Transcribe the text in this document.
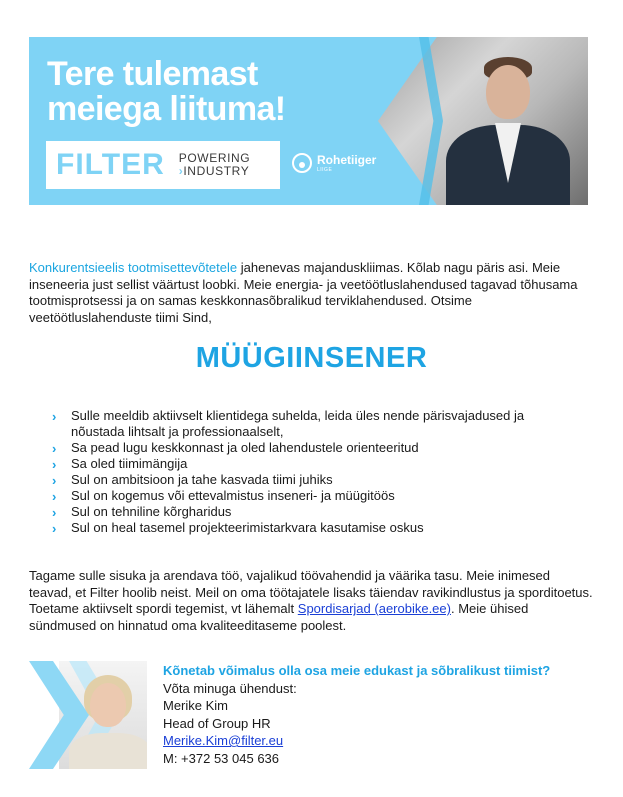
Tere tulemast
meiega liituma!
FILTER POWERING
›INDUSTRY
Rohetiiger
LIIGE

Konkurentsieelis tootmisettevõtetele jahenevas majanduskliimas. Kõlab nagu päris asi. Meie inseneeria just sellist väärtust loobki. Meie energia- ja veetöötluslahendused tagavad tõhusama tootmisprotsessi ja on samas keskkonnasõbralikud terviklahendused. Otsime veetöötluslahenduste tiimi Sind,

MÜÜGIINSENER
› Sulle meeldib aktiivselt klientidega suhelda, leida üles nende pärisvajadused ja nõustada lihtsalt ja professionaalselt,
› Sa pead lugu keskkonnast ja oled lahendustele orienteeritud
› Sa oled tiimimängija
› Sul on ambitsioon ja tahe kasvada tiimi juhiks
› Sul on kogemus või ettevalmistus inseneri- ja müügitöös
› Sul on tehniline kõrgharidus
› Sul on heal tasemel projekteerimistarkvara kasutamise oskus

Tagame sulle sisuka ja arendava töö, vajalikud töövahendid ja väärika tasu. Meie inimesed teavad, et Filter hoolib neist. Meil on oma töötajatele lisaks täiendav ravikindlustus ja sporditoetus. Toetame aktiivselt spordi tegemist, vt lähemalt Spordisarjad (aerobike.ee). Meie ühised sündmused on hinnatud oma kvaliteeditaseme poolest.

Kõnetab võimalus olla osa meie edukast ja sõbralikust tiimist?
Võta minuga ühendust:
Merike Kim
Head of Group HR
Merike.Kim@filter.eu
M: +372 53 045 636
